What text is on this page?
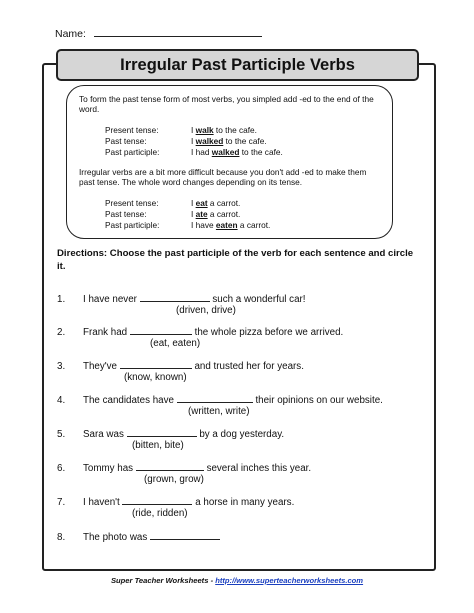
Name:
Irregular Past Participle Verbs

To form the past tense form of most verbs, you simpled add -ed to the end of the word.

Present tense:	I walk to the cafe.
Past tense:	I walked to the cafe.
Past participle:	I had walked to the cafe.

Irregular verbs are a bit more difficult because you don't add -ed to make them past tense. The whole word changes depending on its tense.

Present tense:	I eat a carrot.
Past tense:	I ate a carrot.
Past participle:	I have eaten a carrot.
Directions: Choose the past participle of the verb for each sentence and circle it.
1. I have never	such a wonderful car!
(driven, drive)
2. Frank had	the whole pizza before we arrived.
(eat, eaten)
3. They've	and trusted her for years.
(know, known)
4. The candidates have	their opinions on our website.
(written, write)
5. Sara was	by a dog yesterday.
(bitten, bite)
6. Tommy has	several inches this year.
(grown, grow)
7. I haven't	a horse in many years.
(ride, ridden)
8. The photo was
Super Teacher Worksheets - http://www.superteacherworksheets.com
